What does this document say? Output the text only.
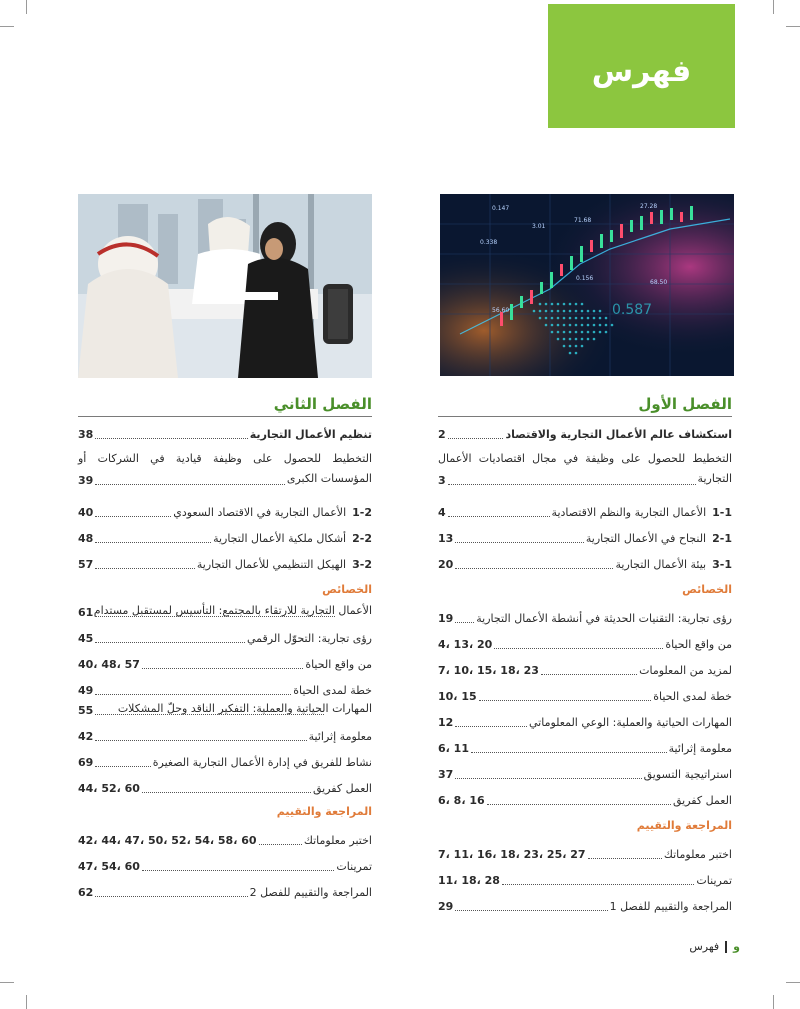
فهرس
0.147
0.338
3.01
71.68
27.28
0.156
68.50
56.60	0.587
الفصل الأول
استكشاف عالم الأعمال التجارية والاقتصاد
2
التخطيط للحصول على وظيفة في مجال اقتصاديات الأعمال التجارية
3
1-1الأعمال التجارية والنظم الاقتصادية
4
2-1النجاح في الأعمال التجارية
13
3-1بيئة الأعمال التجارية
20
الخصائص
رؤى تجارية: التقنيات الحديثة في أنشطة الأعمال التجارية
19
من واقع الحياة
4، 13، 20
لمزيد من المعلومات
7، 10، 15، 18، 23
خطة لمدى الحياة
10، 15
المهارات الحياتية والعملية: الوعي المعلوماتي
12
معلومة إثرائية
6، 11
استراتيجية التسويق
37
العمل كفريق
6، 8، 16
المراجعة والتقييم
اختبر معلوماتك
7، 11، 16، 18، 23، 25، 27
تمرينات
11، 18، 28
المراجعة والتقييم للفصل 1
29
الفصل الثاني
تنظيم الأعمال التجارية
38
التخطيط للحصول على وظيفة قيادية في الشركات أو المؤسسات الكبرى
39
1-2الأعمال التجارية في الاقتصاد السعودي
40
2-2أشكال ملكية الأعمال التجارية
48
3-2الهيكل التنظيمي للأعمال التجارية
57
الخصائص
الأعمال التجارية للارتقاء بالمجتمع: التأسيس لمستقبل مستدام
61
رؤى تجارية: التحوّل الرقمي
45
من واقع الحياة
40، 48، 57
خطة لمدى الحياة
49
المهارات الحياتية والعملية: التفكير الناقد وحلّ المشكلات
55
معلومة إثرائية
42
نشاط للفريق في إدارة الأعمال التجارية الصغيرة
69
العمل كفريق
44، 52، 60
المراجعة والتقييم
اختبر معلوماتك
42، 44، 47، 50، 52، 54، 58، 60
تمرينات
47، 54، 60
المراجعة والتقييم للفصل 2
62
و
فهرس
